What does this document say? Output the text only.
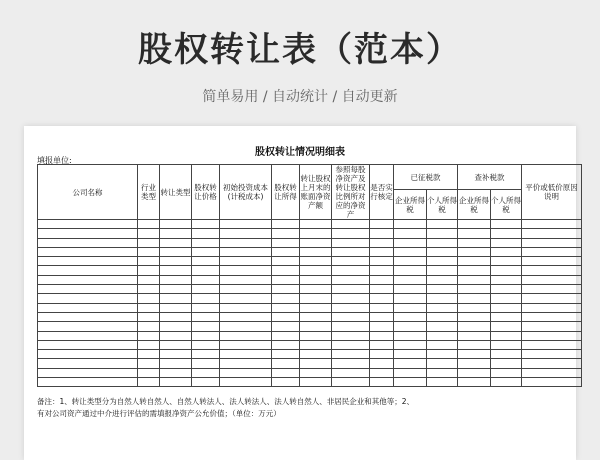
股权转让表（范本）
简单易用 / 自动统计 / 自动更新
股权转让情况明细表
填报单位:
公司名称	行业类型	转让类型	股权转让价格	初始投资成本(计税成本)	股权转让所得	转让股权上月末的账面净资产额	参照每股净资产及转让股权比例所对应的净资产	是否实行核定	已征税款		查补税款		平价或低价原因说明
									企业所得税	个人所得税	企业所得税	个人所得税	

备注：1、转让类型分为自然人转自然人、自然人转法人、法人转法人、法人转自然人、非居民企业和其他等；2、有对公司资产通过中介进行评估的需填报净资产公允价值；（单位：万元）
